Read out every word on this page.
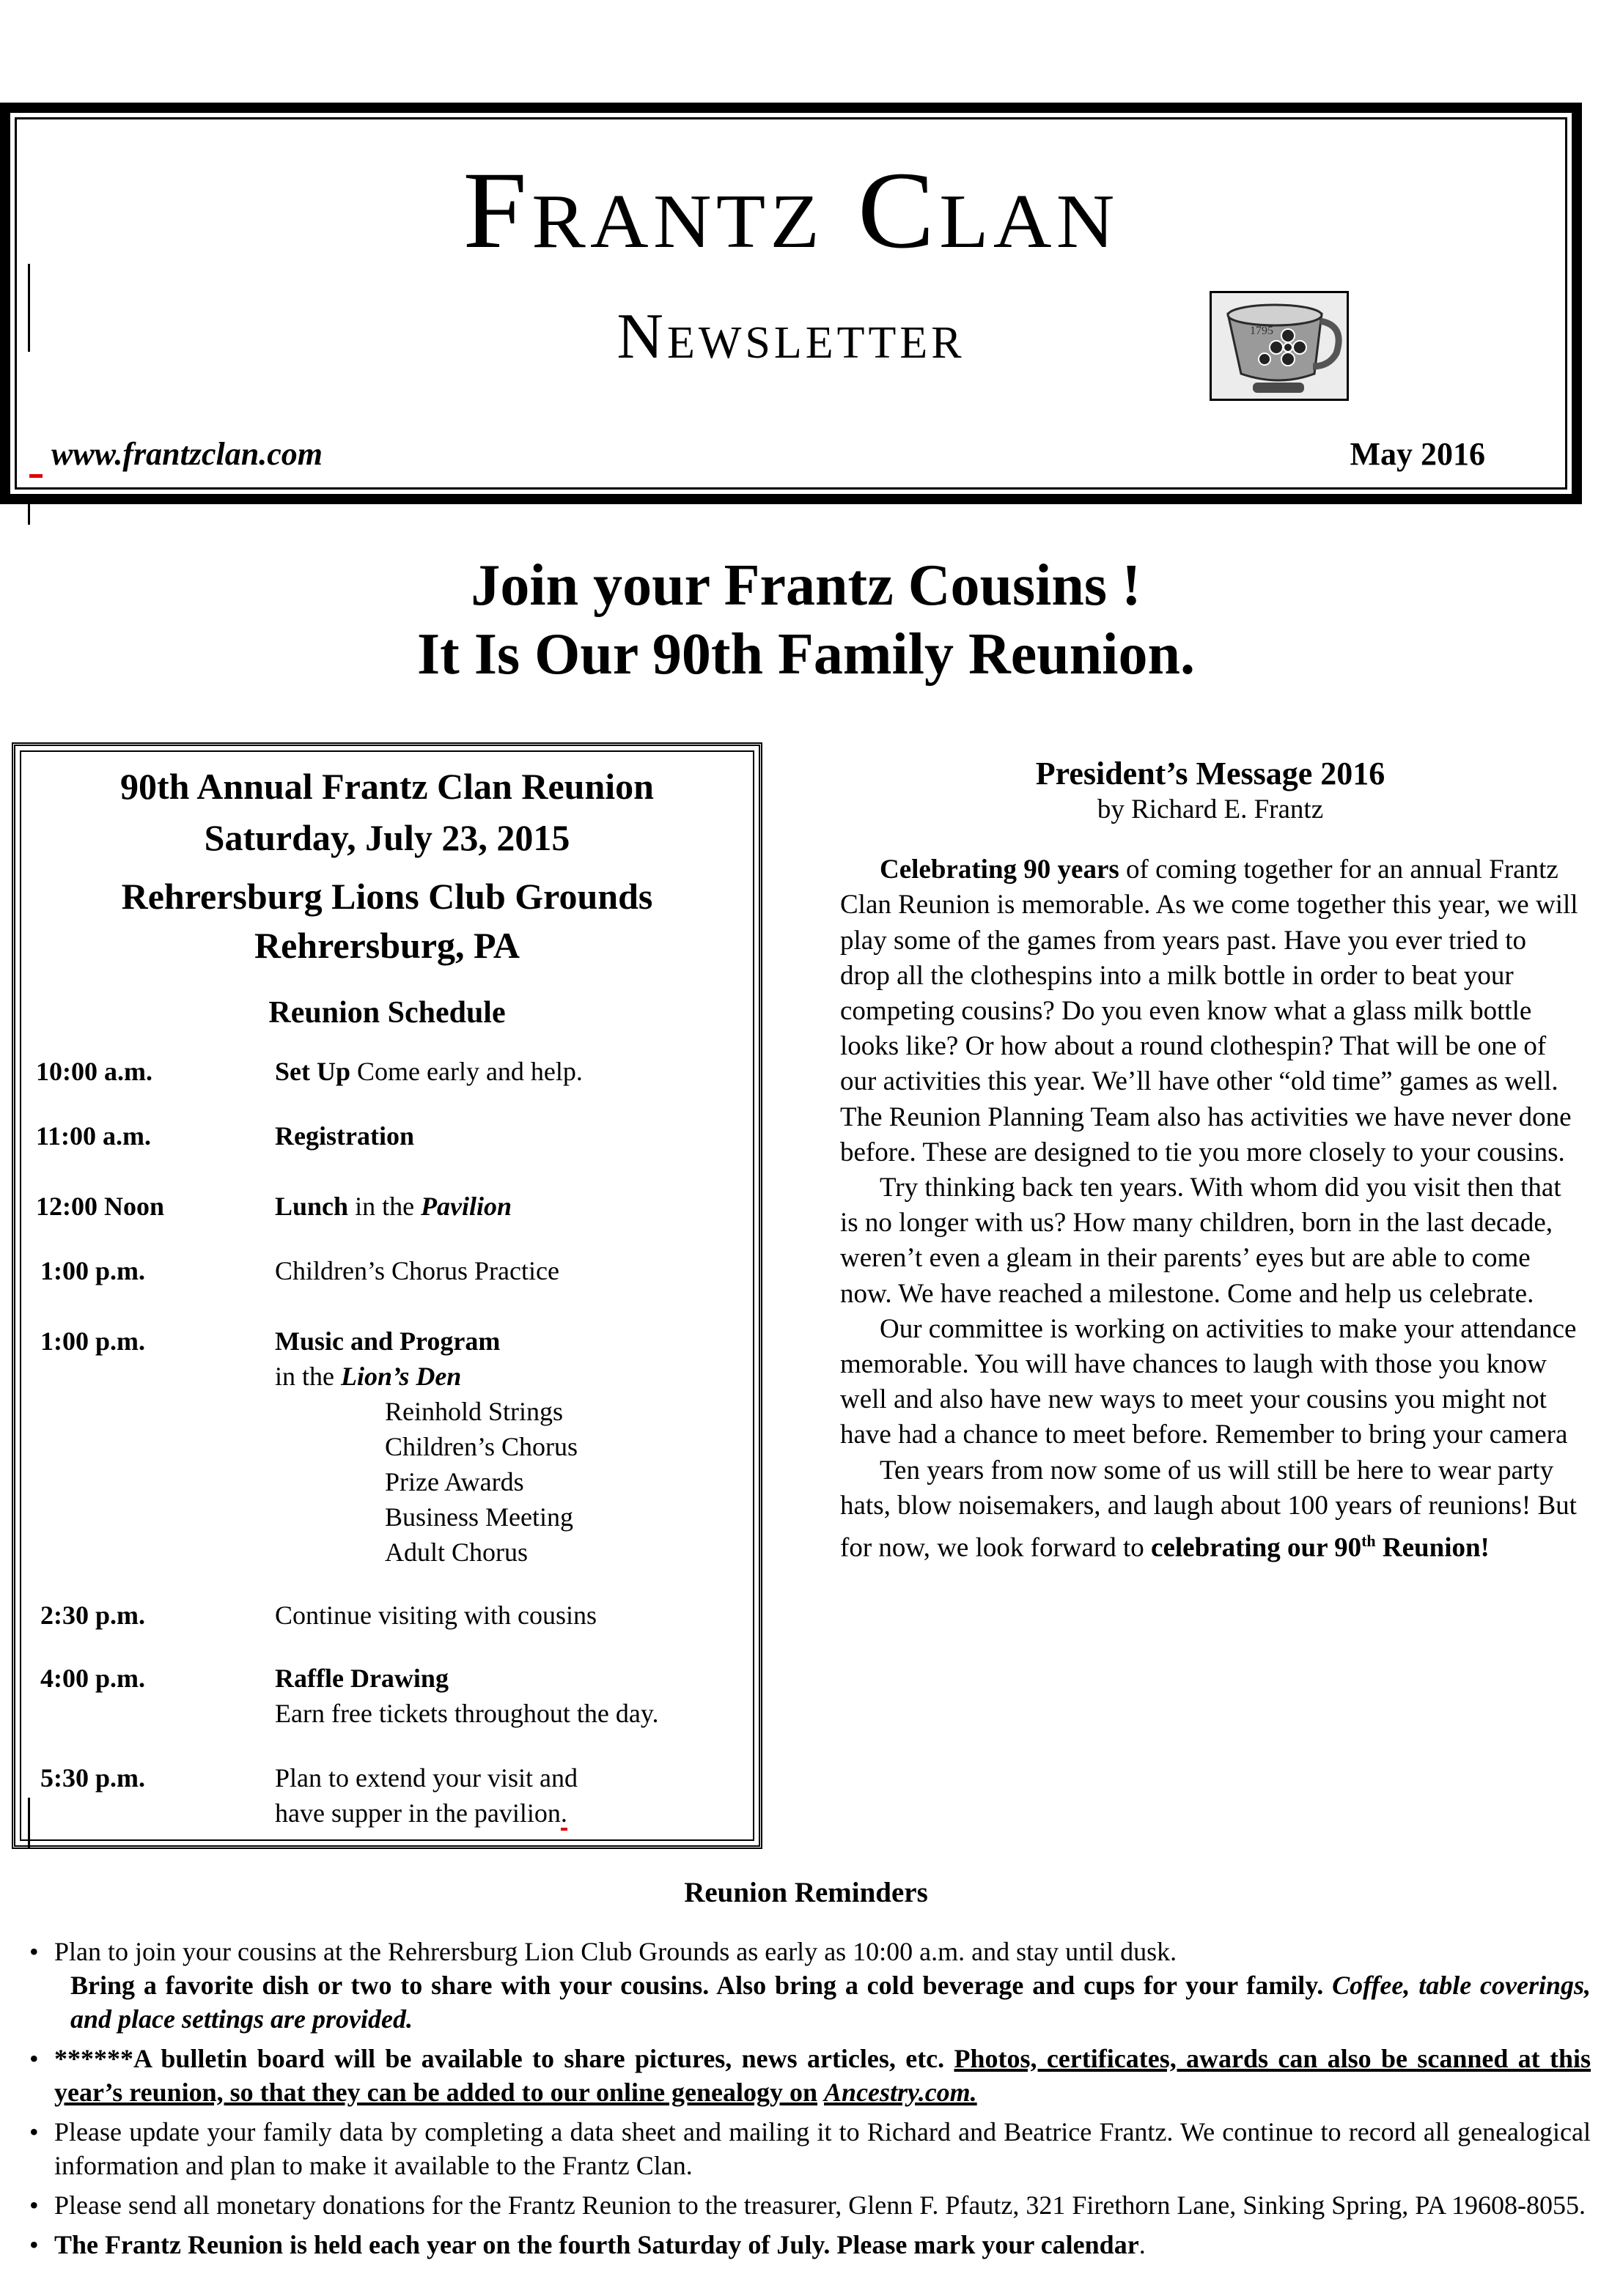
Frantz Clan
Newsletter	1795
www.frantzclan.com	May 2016
Join your Frantz Cousins !
It Is Our 90th Family Reunion.
90th Annual Frantz Clan Reunion
Saturday, July 23, 2015
Rehrersburg Lions Club Grounds
Rehrersburg, PA
Reunion Schedule
10:00 a.m.	Set Up Come early and help.
11:00 a.m.	Registration
12:00 Noon	Lunch in the Pavilion
1:00 p.m.	Children’s Chorus Practice
1:00 p.m.	Music and Program
in the Lion’s Den
Reinhold Strings
Children’s Chorus
Prize Awards
Business Meeting
Adult Chorus
2:30 p.m.	Continue visiting with cousins
4:00 p.m.	Raffle Drawing
Earn free tickets throughout the day.
5:30 p.m.	Plan to extend your visit and
have supper in the pavilion.
President’s Message 2016
by Richard E. Frantz

Celebrating 90 years of coming together for an annual Frantz Clan Reunion is memorable. As we come together this year, we will play some of the games from years past. Have you ever tried to drop all the clothespins into a milk bottle in order to beat your competing cousins? Do you even know what a glass milk bottle looks like? Or how about a round clothespin? That will be one of our activities this year. We’ll have other “old time” games as well. The Reunion Planning Team also has activities we have never done before. These are designed to tie you more closely to your cousins.

Try thinking back ten years. With whom did you visit then that is no longer with us? How many children, born in the last decade, weren’t even a gleam in their parents’ eyes but are able to come now. We have reached a milestone. Come and help us celebrate.

Our committee is working on activities to make your attendance memorable. You will have chances to laugh with those you know well and also have new ways to meet your cousins you might not have had a chance to meet before. Remember to bring your camera

Ten years from now some of us will still be here to wear party hats, blow noisemakers, and laugh about 100 years of reunions! But for now, we look forward to celebrating our 90th Reunion!

Reunion Reminders
• Plan to join your cousins at the Rehrersburg Lion Club Grounds as early as 10:00 a.m. and stay until dusk.
Bring a favorite dish or two to share with your cousins. Also bring a cold beverage and cups for your family. Coffee, table coverings, and place settings are provided.
• ******A bulletin board will be available to share pictures, news articles, etc. Photos, certificates, awards can also be scanned at this year’s reunion, so that they can be added to our online genealogy on Ancestry.com.
• Please update your family data by completing a data sheet and mailing it to Richard and Beatrice Frantz. We continue to record all genealogical information and plan to make it available to the Frantz Clan.
• Please send all monetary donations for the Frantz Reunion to the treasurer, Glenn F. Pfautz, 321 Firethorn Lane, Sinking Spring, PA 19608-8055.
• The Frantz Reunion is held each year on the fourth Saturday of July. Please mark your calendar.
